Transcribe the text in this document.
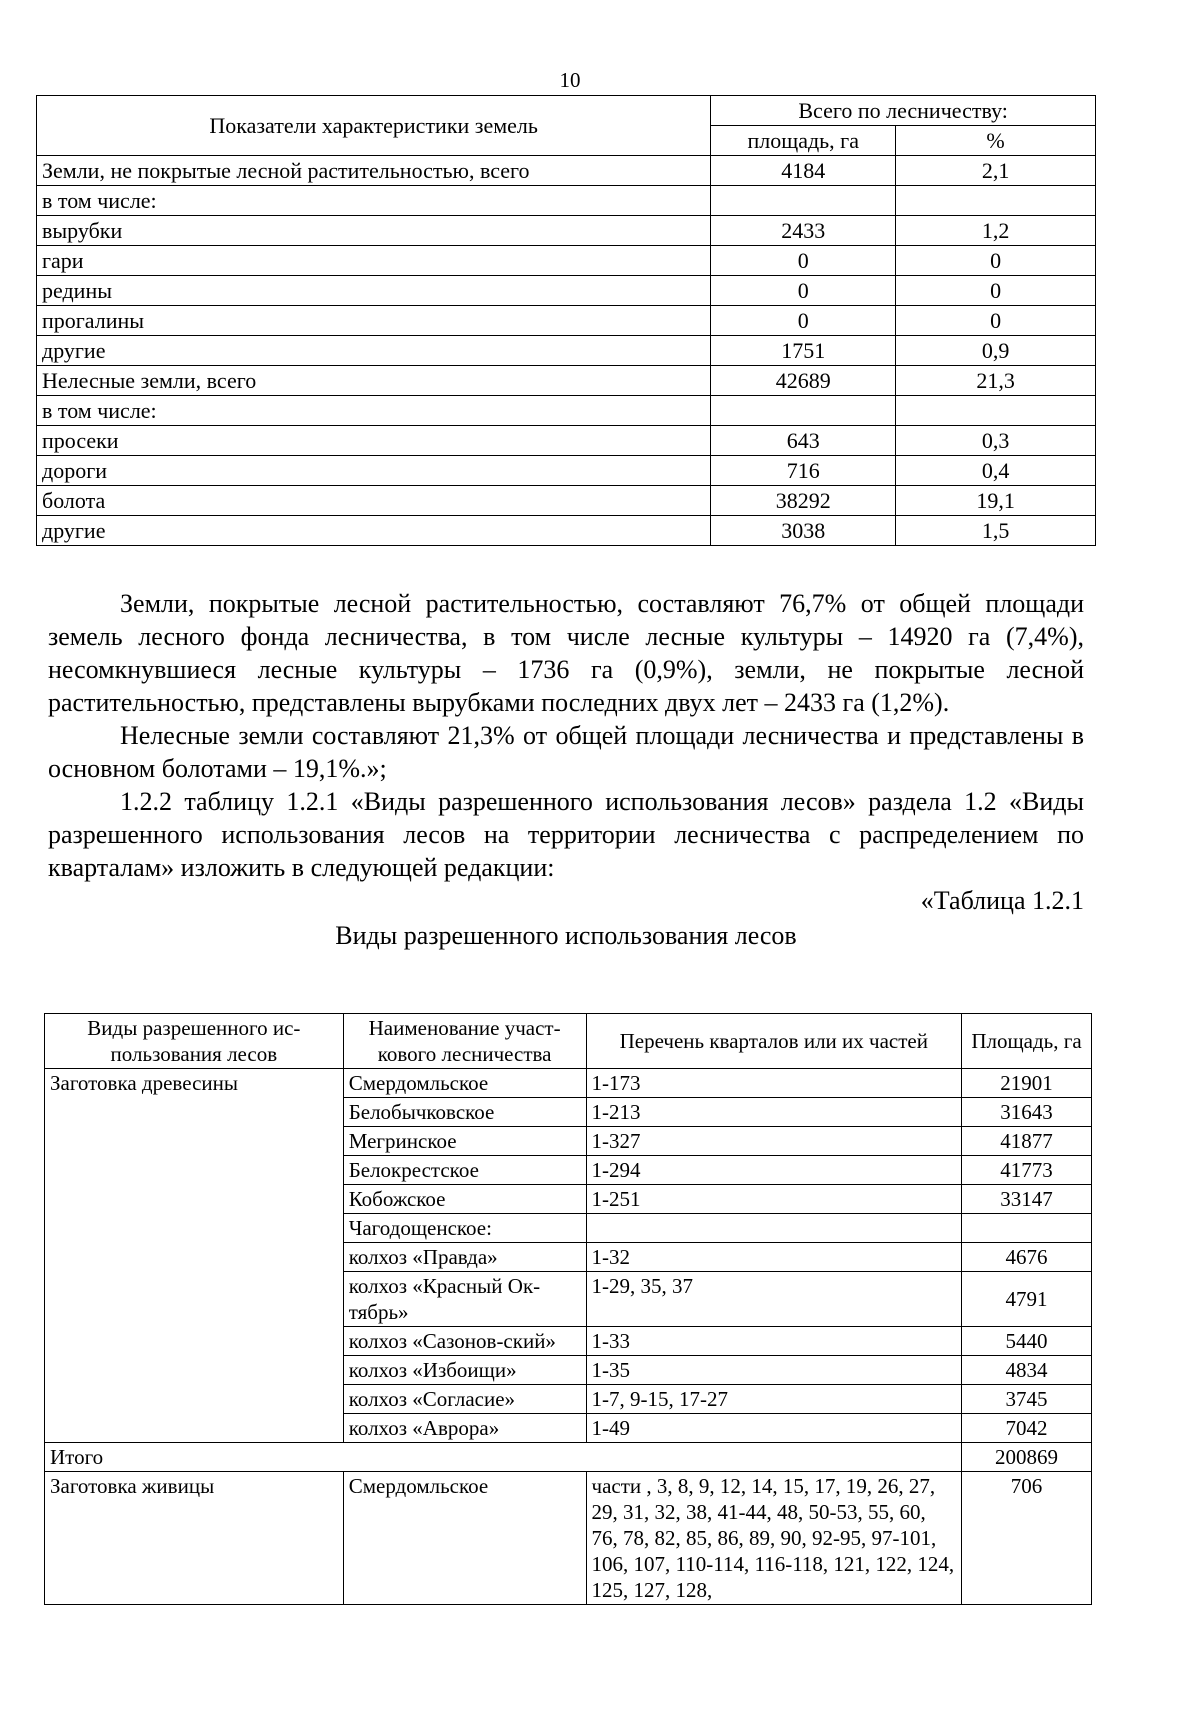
10
Показатели характеристики земель	Всего по лесничеству:	
	площадь, га	%
Земли, не покрытые лесной растительностью, всего	4184	2,1
в том числе:		
вырубки	2433	1,2
гари	0	0
редины	0	0
прогалины	0	0
другие	1751	0,9
Нелесные земли, всего	42689	21,3
в том числе:		
просеки	643	0,3
дороги	716	0,4
болота	38292	19,1
другие	3038	1,5

Земли, покрытые лесной растительностью, составляют 76,7% от общей площади земель лесного фонда лесничества, в том числе лесные культуры – 14920 га (7,4%), несомкнувшиеся лесные культуры – 1736 га (0,9%), земли, не покрытые лесной растительностью, представлены вырубками последних двух лет – 2433 га (1,2%).

Нелесные земли составляют 21,3% от общей площади лесничества и представлены в основном болотами – 19,1%.»;

1.2.2 таблицу 1.2.1 «Виды разрешенного использования лесов» раздела 1.2 «Виды разрешенного использования лесов на территории лесничества с распределением по кварталам» изложить в следующей редакции:

«Таблица 1.2.1

Виды разрешенного использования лесов

Виды разрешенного ис-пользования лесов	Наименование участ-кового лесничества	Перечень кварталов или их частей	Площадь, га
Заготовка древесины	Смердомльское	1-173	21901
	Белобычковское	1-213	31643
	Мегринское	1-327	41877
	Белокрестское	1-294	41773
	Кобожское	1-251	33147
	Чагодощенское:		
	колхоз «Правда»	1-32	4676
	колхоз «Красный Ок-тябрь»	1-29, 35, 37	4791
	колхоз «Сазонов-ский»	1-33	5440
	колхоз «Избоищи»	1-35	4834
	колхоз «Согласие»	1-7, 9-15, 17-27	3745
	колхоз «Аврора»	1-49	7042
Итого			200869
Заготовка живицы	Смердомльское	части , 3, 8, 9, 12, 14, 15, 17, 19, 26, 27, 29, 31, 32, 38, 41-44, 48, 50-53, 55, 60, 76, 78, 82, 85, 86, 89, 90, 92-95, 97-101, 106, 107, 110-114, 116-118, 121, 122, 124, 125, 127, 128,	706
